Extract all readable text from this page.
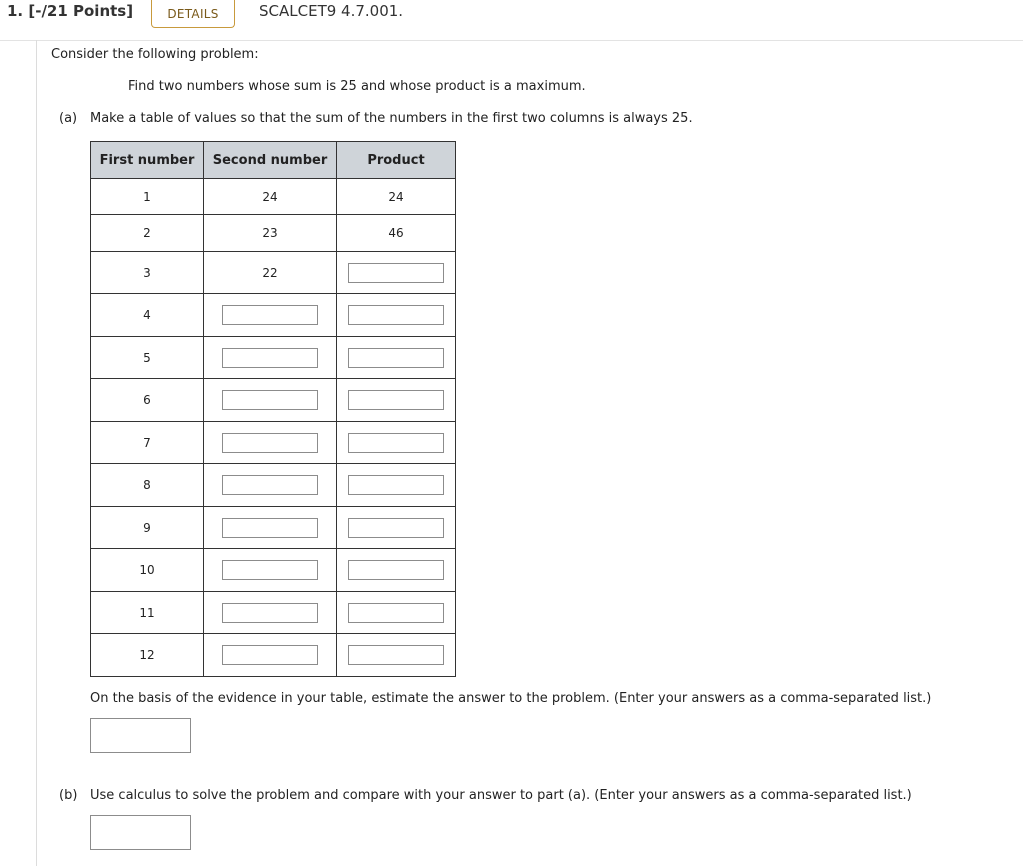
1. [-/21 Points]	DETAILS	SCALCET9 4.7.001.
Consider the following problem:
Find two numbers whose sum is 25 and whose product is a maximum.
(a) Make a table of values so that the sum of the numbers in the first two columns is always 25.
First number	Second number	Product
1	24	24
2	23	46
3	22	
4		
5		
6		
7		
8		
9		
10		
11		
12		
On the basis of the evidence in your table, estimate the answer to the problem. (Enter your answers as a comma-separated list.)
(b) Use calculus to solve the problem and compare with your answer to part (a). (Enter your answers as a comma-separated list.)
